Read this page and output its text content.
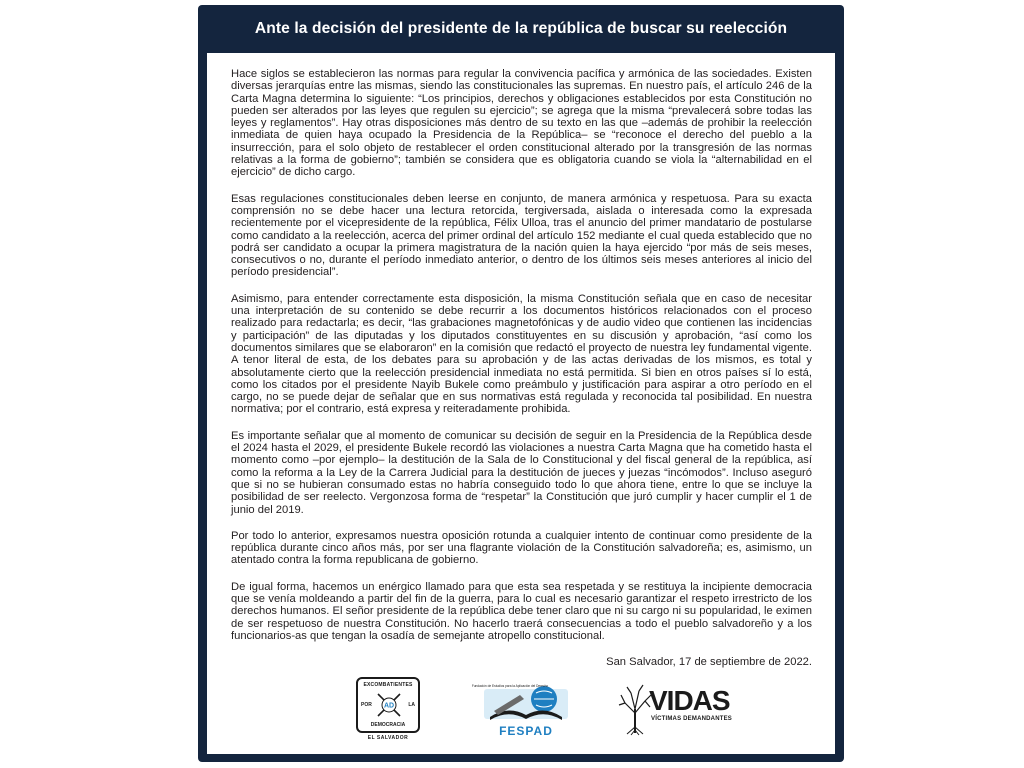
Ante la decisión del presidente de la república de buscar su reelección

Hace siglos se establecieron las normas para regular la convivencia pacífica y armónica de las sociedades. Existen diversas jerarquías entre las mismas, siendo las constitucionales las supremas. En nuestro país, el artículo 246 de la Carta Magna determina lo siguiente: “Los principios, derechos y obligaciones establecidos por esta Constitución no pueden ser alterados por las leyes que regulen su ejercicio”; se agrega que la misma “prevalecerá sobre todas las leyes y reglamentos”. Hay otras disposiciones más dentro de su texto en las que –además de prohibir la reelección inmediata de quien haya ocupado la Presidencia de la República– se “reconoce el derecho del pueblo a la insurrección, para el solo objeto de restablecer el orden constitucional alterado por la transgresión de las normas relativas a la forma de gobierno”; también se considera que es obligatoria cuando se viola la “alternabilidad en el ejercicio” de dicho cargo.

Esas regulaciones constitucionales deben leerse en conjunto, de manera armónica y respetuosa. Para su exacta comprensión no se debe hacer una lectura retorcida, tergiversada, aislada o interesada como la expresada recientemente por el vicepresidente de la república, Félix Ulloa, tras el anuncio del primer mandatario de postularse como candidato a la reelección, acerca del primer ordinal del artículo 152 mediante el cual queda establecido que no podrá ser candidato a ocupar la primera magistratura de la nación quien la haya ejercido “por más de seis meses, consecutivos o no, durante el período inmediato anterior, o dentro de los últimos seis meses anteriores al inicio del período presidencial”.

Asimismo, para entender correctamente esta disposición, la misma Constitución señala que en caso de necesitar una interpretación de su contenido se debe recurrir a los documentos históricos relacionados con el proceso realizado para redactarla; es decir, “las grabaciones magnetofónicas y de audio video que contienen las incidencias y participación” de las diputadas y los diputados constituyentes en su discusión y aprobación, “así como los documentos similares que se elaboraron” en la comisión que redactó el proyecto de nuestra ley fundamental vigente. A tenor literal de esta, de los debates para su aprobación y de las actas derivadas de los mismos, es total y absolutamente cierto que la reelección presidencial inmediata no está permitida. Si bien en otros países sí lo está, como los citados por el presidente Nayib Bukele como preámbulo y justificación para aspirar a otro período en el cargo, no se puede dejar de señalar que en sus normativas está regulada y reconocida tal posibilidad. En nuestra normativa; por el contrario, está expresa y reiteradamente prohibida.

Es importante señalar que al momento de comunicar su decisión de seguir en la Presidencia de la República desde el 2024 hasta el 2029, el presidente Bukele recordó las violaciones a nuestra Carta Magna que ha cometido hasta el momento como –por ejemplo– la destitución de la Sala de lo Constitucional y del fiscal general de la república, así como la reforma a la Ley de la Carrera Judicial para la destitución de jueces y juezas “incómodos”. Incluso aseguró que si no se hubieran consumado estas no habría conseguido todo lo que ahora tiene, entre lo que se incluye la posibilidad de ser reelecto. Vergonzosa forma de “respetar” la Constitución que juró cumplir y hacer cumplir el 1 de junio del 2019.

Por todo lo anterior, expresamos nuestra oposición rotunda a cualquier intento de continuar como presidente de la república durante cinco años más, por ser una flagrante violación de la Constitución salvadoreña; es, asimismo, un atentado contra la forma republicana de gobierno.

De igual forma, hacemos un enérgico llamado para que esta sea respetada y se restituya la incipiente democracia que se venía moldeando a partir del fin de la guerra, para lo cual es necesario garantizar el respeto irrestricto de los derechos humanos. El señor presidente de la república debe tener claro que ni su cargo ni su popularidad, le eximen de ser respetuoso de nuestra Constitución. No hacerlo traerá consecuencias a todo el pueblo salvadoreño y a los funcionarios-as que tengan la osadía de semejante atropello constitucional.

San Salvador, 17 de septiembre de 2022.

EXCOMBATIENTES
POR	LA
AD
DEMOCRACIA
EL SALVADOR
Fundación de Estudios para la Aplicación del Derecho
FESPAD
VIDAS
VÍCTIMAS DEMANDANTES
